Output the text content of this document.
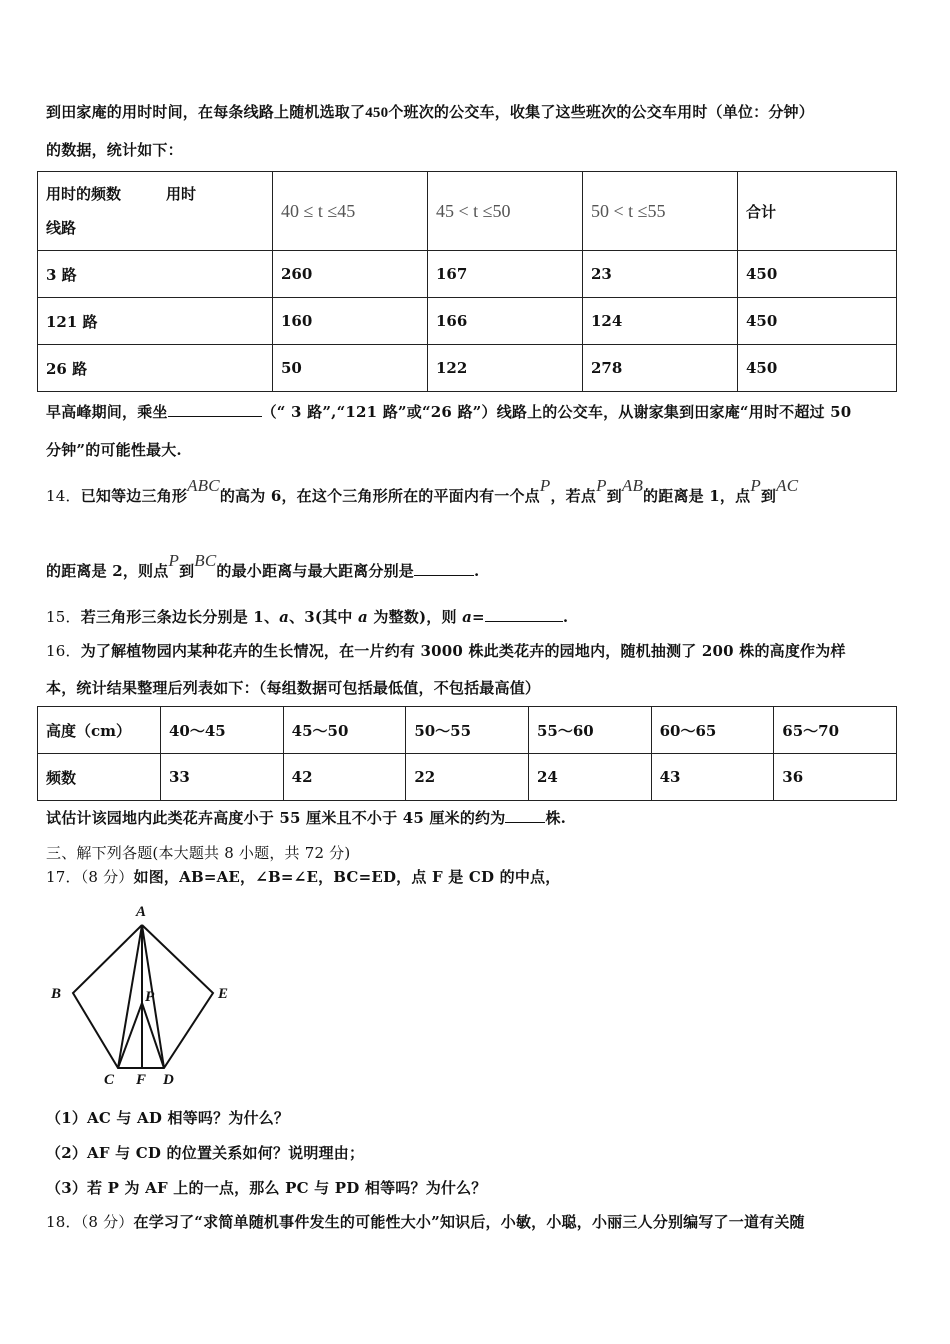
到田家庵的用时时间，在每条线路上随机选取了450个班次的公交车，收集了这些班次的公交车用时（单位：分钟）
的数据，统计如下：
用时的频数　　　用时
线路	40 ≤ t ≤45	45 < t ≤50	50 < t ≤55	合计
3 路	260	167	23	450
121 路	160	166	124	450
26 路	50	122	278	450
早高峰期间，乘坐	（“ 3 路”,“121 路”或“26 路”）线路上的公交车，从谢家集到田家庵“用时不超过 50
分钟”的可能性最大.
14．已知等边三角形ABC的高为 6，在这个三角形所在的平面内有一个点P，若点P到AB的距离是 1，点P到AC
的距离是 2，则点P到BC的最小距离与最大距离分别是	.
15．若三角形三条边长分别是 1、a、3(其中 a 为整数)，则 a=	.
16．为了解植物园内某种花卉的生长情况，在一片约有 3000 株此类花卉的园地内，随机抽测了 200 株的高度作为样
本，统计结果整理后列表如下：（每组数据可包括最低值，不包括最高值）
高度（cm）	40～45	45～50	50～55	55～60	60～65	65～70
频数	33	42	22	24	43	36
试估计该园地内此类花卉高度小于 55 厘米且不小于 45 厘米的约为	株.
三、解下列各题(本大题共 8 小题，共 72 分)
17．（8 分）如图，AB=AE，∠B=∠E，BC=ED，点 F 是 CD 的中点，
A
B	E
P
C F D
（1）AC 与 AD 相等吗？为什么？
（2）AF 与 CD 的位置关系如何？说明理由；
（3）若 P 为 AF 上的一点，那么 PC 与 PD 相等吗？为什么？
18．（8 分）在学习了“求简单随机事件发生的可能性大小”知识后，小敏，小聪，小丽三人分别编写了一道有关随
